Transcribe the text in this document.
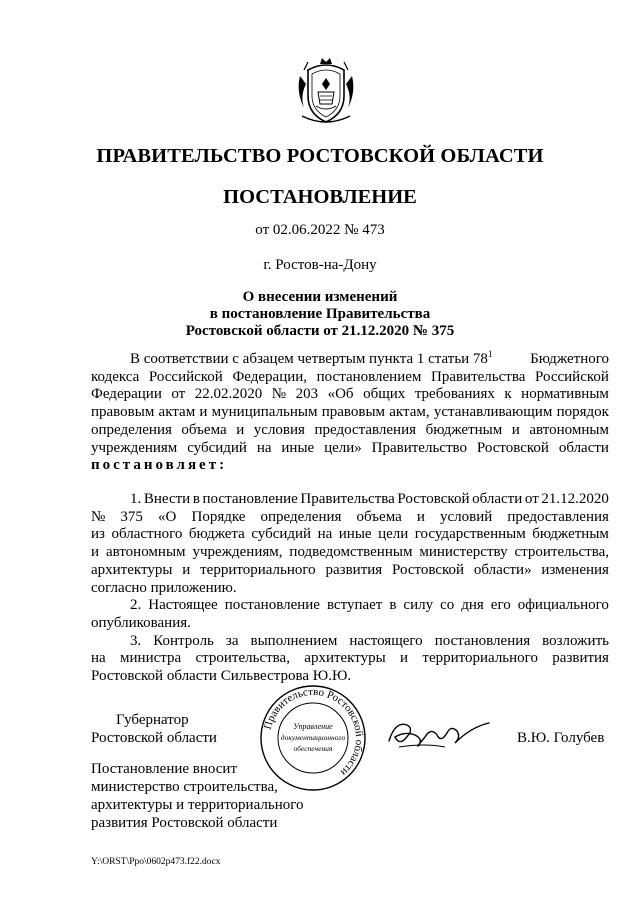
ПРАВИТЕЛЬСТВО РОСТОВСКОЙ ОБЛАСТИ
ПОСТАНОВЛЕНИЕ
от 02.06.2022 № 473
г. Ростов-на-Дону
О внесении изменений
в постановление Правительства
Ростовской области от 21.12.2020 № 375
В соответствии с абзацем четвертым пункта 1 статьи $78^1$	Бюджетного
кодекса Российской Федерации, постановлением Правительства Российской
Федерации от 22.02.2020 № 203 «Об общих требованиях к нормативным
правовым актам и муниципальным правовым актам, устанавливающим порядок
определения объема и условия предоставления бюджетным и автономным
учреждениям субсидий на иные цели» Правительство Ростовской области
постановляет:
1. Внести в постановление Правительства Ростовской области от 21.12.2020
№ 375 «О Порядке определения объема и условий предоставления
из областного бюджета субсидий на иные цели государственным бюджетным
и автономным учреждениям, подведомственным министерству строительства,
архитектуры и территориального развития Ростовской области» изменения
согласно приложению.
2. Настоящее постановление вступает в силу со дня его официального
опубликования.
3. Контроль за выполнением настоящего постановления возложить
на министра строительства, архитектуры и территориального развития
Ростовской области Сильвестрова Ю.Ю.
Губернатор
Ростовской области	В.Ю. Голубев
Правительство Ростовской области
Управление
документационного
обеспечения
Постановление вносит
министерство строительства,
архитектуры и территориального
развития Ростовской области
Y:\ORST\Ppo\0602p473.f22.docx
